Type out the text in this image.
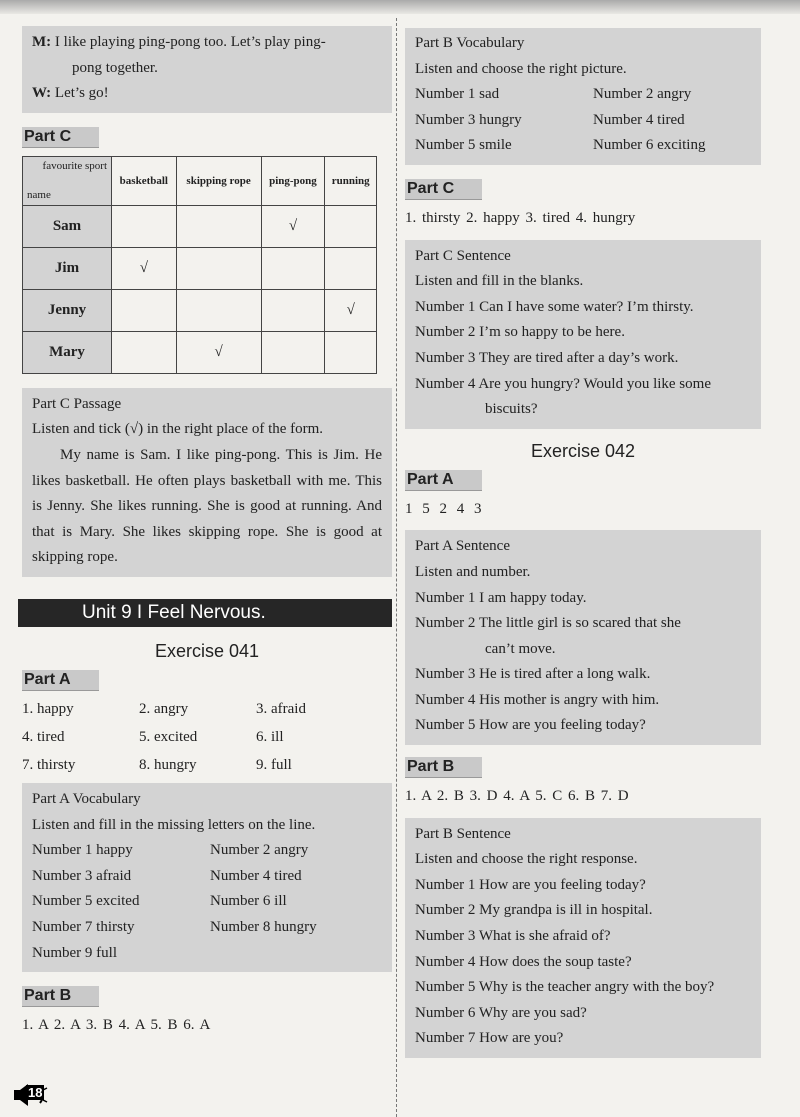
M: I like playing ping-pong too. Let’s play ping-
pong together.
W: Let’s go!
Part C
favourite sport
name	basketball	skipping rope	ping-pong	running
Sam			√	
Jim	√			
Jenny				√
Mary		√		
Part C Passage
Listen and tick (√) in the right place of the form.
My name is Sam. I like ping-pong. This is Jim. He likes basketball. He often plays basketball with me. This is Jenny. She likes running. She is good at running. And that is Mary. She likes skipping rope. She is good at skipping rope.
Unit 9 I Feel Nervous.
Exercise 041
Part A
1. happy	2. angry	3. afraid
4. tired	5. excited	6. ill
7. thirsty	8. hungry	9. full
Part A Vocabulary
Listen and fill in the missing letters on the line.
Number 1 happy	Number 2 angry
Number 3 afraid	Number 4 tired
Number 5 excited	Number 6 ill
Number 7 thirsty	Number 8 hungry
Number 9 full
Part B
1. A 2. A 3. B 4. A 5. B 6. A
18
Part B Vocabulary
Listen and choose the right picture.
Number 1 sad	Number 2 angry
Number 3 hungry	Number 4 tired
Number 5 smile	Number 6 exciting
Part C
1. thirsty 2. happy 3. tired 4. hungry
Part C Sentence
Listen and fill in the blanks.
Number 1 Can I have some water? I’m thirsty.
Number 2 I’m so happy to be here.
Number 3 They are tired after a day’s work.
Number 4 Are you hungry? Would you like some
biscuits?
Exercise 042
Part A
1 5 2 4 3
Part A Sentence
Listen and number.
Number 1 I am happy today.
Number 2 The little girl is so scared that she
can’t move.
Number 3 He is tired after a long walk.
Number 4 His mother is angry with him.
Number 5 How are you feeling today?
Part B
1. A 2. B 3. D 4. A 5. C 6. B 7. D
Part B Sentence
Listen and choose the right response.
Number 1 How are you feeling today?
Number 2 My grandpa is ill in hospital.
Number 3 What is she afraid of?
Number 4 How does the soup taste?
Number 5 Why is the teacher angry with the boy?
Number 6 Why are you sad?
Number 7 How are you?
